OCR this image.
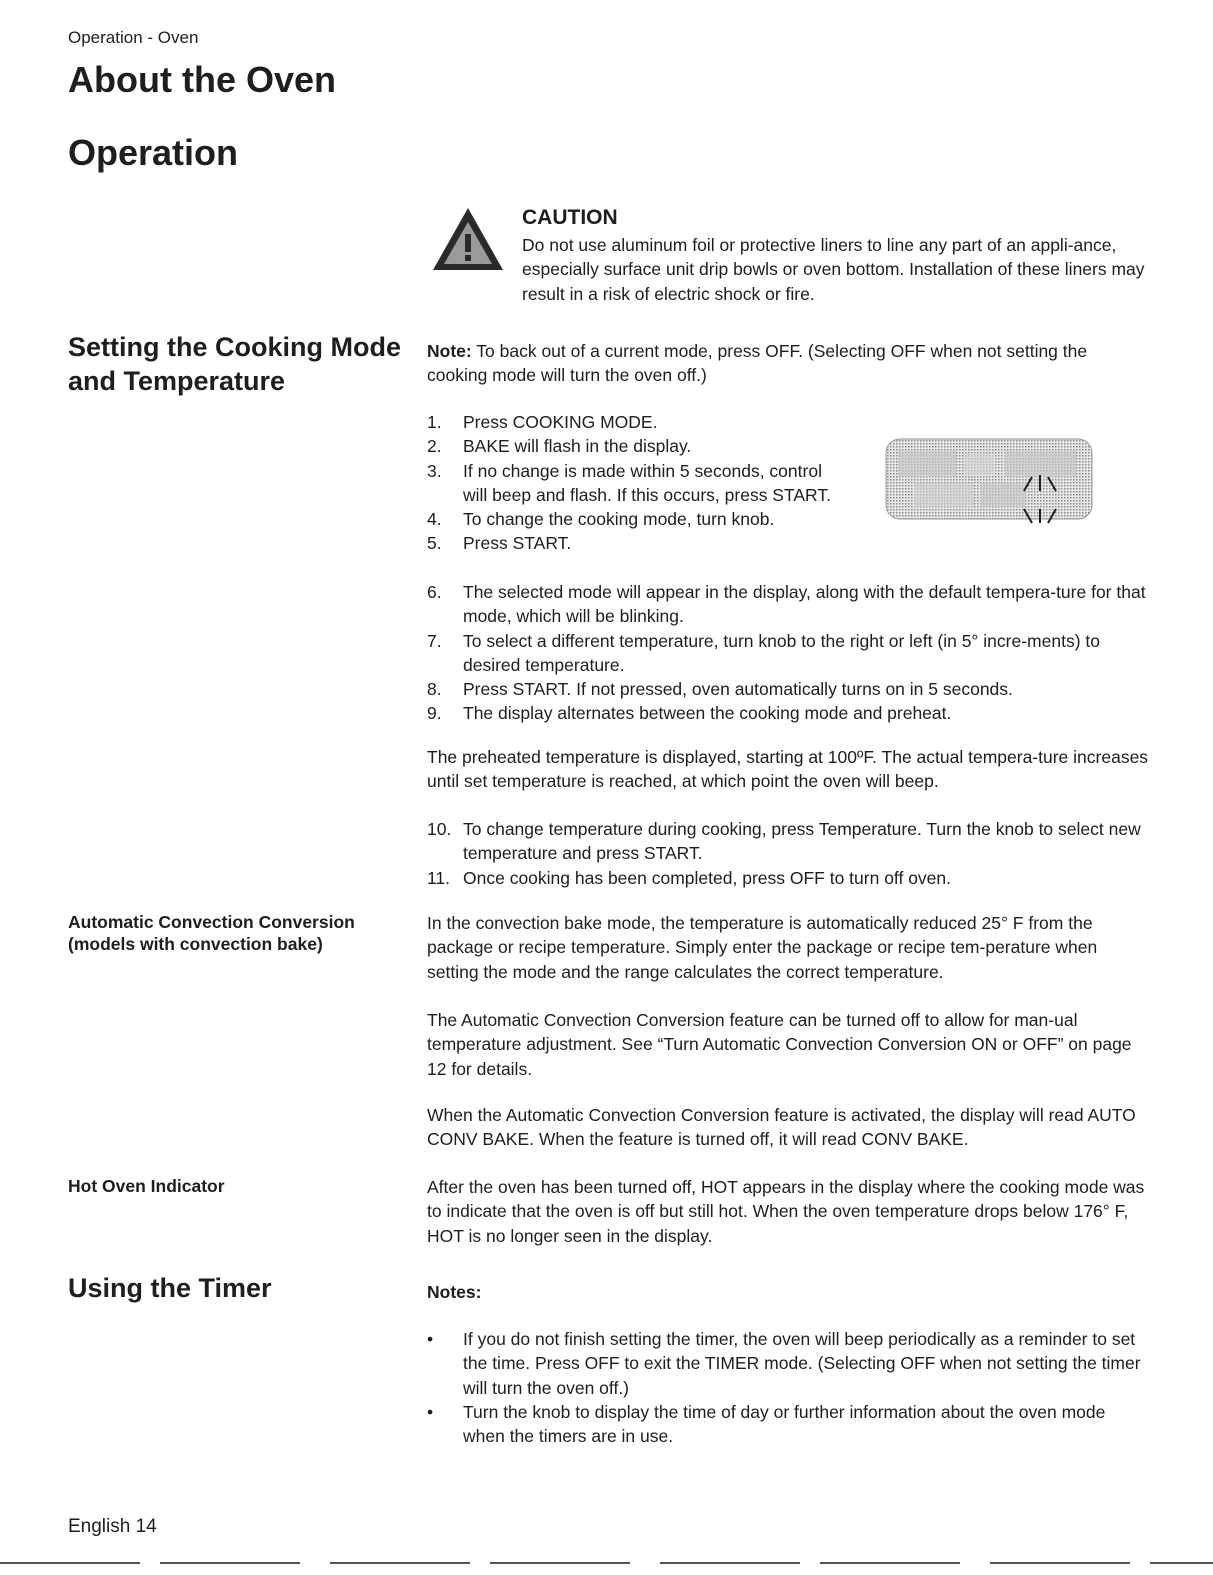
Operation - Oven
About the Oven
Operation
CAUTION
Do not use aluminum foil or protective liners to line any part of an appli-ance, especially surface unit drip bowls or oven bottom. Installation of these liners may result in a risk of electric shock or fire.
Setting the Cooking Mode
and Temperature
Note: To back out of a current mode, press OFF. (Selecting OFF when not setting the cooking mode will turn the oven off.)
1. Press COOKING MODE.
2. BAKE will flash in the display.
3. If no change is made within 5 seconds, control will beep and flash. If this occurs, press START.
4. To change the cooking mode, turn knob.
5. Press START.
6. The selected mode will appear in the display, along with the default tempera-ture for that mode, which will be blinking.
7. To select a different temperature, turn knob to the right or left (in 5° incre-ments) to desired temperature.
8. Press START. If not pressed, oven automatically turns on in 5 seconds.
9. The display alternates between the cooking mode and preheat.
The preheated temperature is displayed, starting at 100ºF. The actual tempera-ture increases until set temperature is reached, at which point the oven will beep.
10. To change temperature during cooking, press Temperature. Turn the knob to select new temperature and press START.
11. Once cooking has been completed, press OFF to turn off oven.
Automatic Convection Conversion
(models with convection bake)
In the convection bake mode, the temperature is automatically reduced 25° F from the package or recipe temperature. Simply enter the package or recipe tem-perature when setting the mode and the range calculates the correct temperature.
The Automatic Convection Conversion feature can be turned off to allow for man-ual temperature adjustment. See “Turn Automatic Convection Conversion ON or OFF” on page 12 for details.
When the Automatic Convection Conversion feature is activated, the display will read AUTO CONV BAKE. When the feature is turned off, it will read CONV BAKE.
Hot Oven Indicator	After the oven has been turned off, HOT appears in the display where the cooking mode was to indicate that the oven is off but still hot. When the oven temperature drops below 176° F, HOT is no longer seen in the display.
Using the Timer	Notes:
• If you do not finish setting the timer, the oven will beep periodically as a reminder to set the time. Press OFF to exit the TIMER mode. (Selecting OFF when not setting the timer will turn the oven off.)
• Turn the knob to display the time of day or further information about the oven mode when the timers are in use.
English 14
